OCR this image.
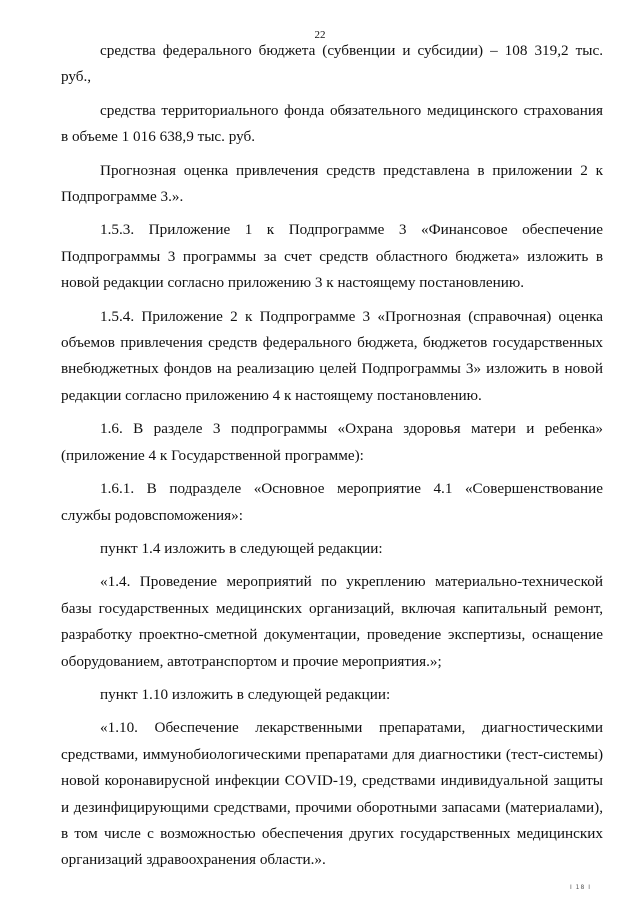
22

средства федерального бюджета (субвенции и субсидии) – 108 319,2 тыс. руб.,

средства территориального фонда обязательного медицинского страхования в объеме 1 016 638,9 тыс. руб.

Прогнозная оценка привлечения средств представлена в приложении 2 к Подпрограмме 3.».

1.5.3. Приложение 1 к Подпрограмме 3 «Финансовое обеспечение Подпрограммы 3 программы за счет средств областного бюджета» изложить в новой редакции согласно приложению 3 к настоящему постановлению.

1.5.4. Приложение 2 к Подпрограмме 3 «Прогнозная (справочная) оценка объемов привлечения средств федерального бюджета, бюджетов государственных внебюджетных фондов на реализацию целей Подпрограммы 3» изложить в новой редакции согласно приложению 4 к настоящему постановлению.

1.6. В разделе 3 подпрограммы «Охрана здоровья матери и ребенка» (приложение 4 к Государственной программе):

1.6.1. В подразделе «Основное мероприятие 4.1 «Совершенствование службы родовспоможения»:

пункт 1.4 изложить в следующей редакции:

«1.4. Проведение мероприятий по укреплению материально-технической базы государственных медицинских организаций, включая капитальный ремонт, разработку проектно-сметной документации, проведение экспертизы, оснащение оборудованием, автотранспортом и прочие мероприятия.»;

пункт 1.10 изложить в следующей редакции:

«1.10. Обеспечение лекарственными препаратами, диагностическими средствами, иммунобиологическими препаратами для диагностики (тест-системы) новой коронавирусной инфекции COVID-19, средствами индивидуальной защиты и дезинфицирующими средствами, прочими оборотными запасами (материалами), в том числе с возможностью обеспечения других государственных медицинских организаций здравоохранения области.».

I 18 I
